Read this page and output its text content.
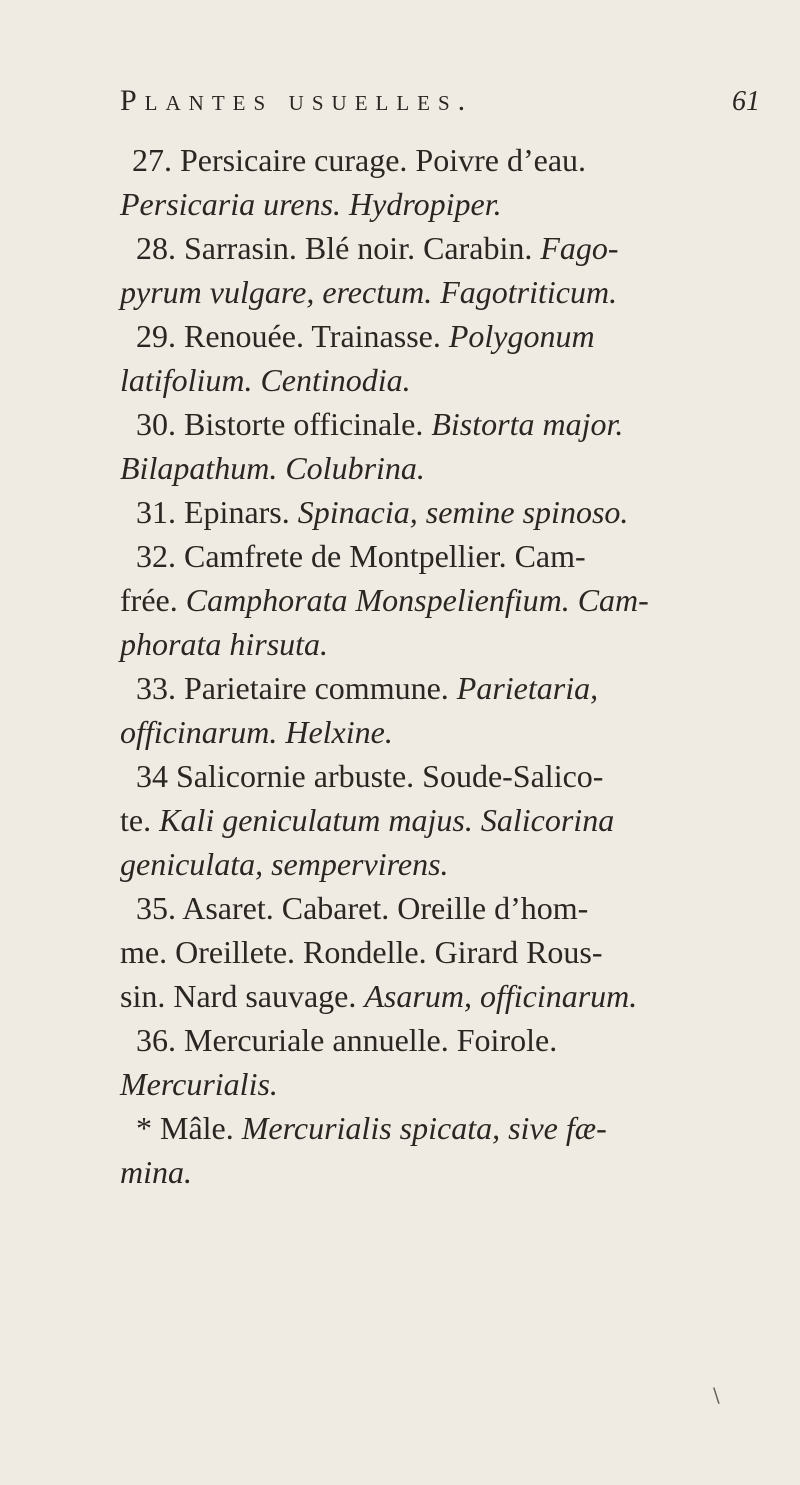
Plantes usuelles.	61
27. Persicaire curage. Poivre d’eau.
Persicaria urens. Hydropiper.
28. Sarrasin. Blé noir. Carabin. Fago-
pyrum vulgare, erectum. Fagotriticum.
29. Renouée. Trainasse. Polygonum
latifolium. Centinodia.
30. Bistorte officinale. Bistorta major.
Bilapathum. Colubrina.
31. Epinars. Spinacia, semine spinoso.
32. Camfrete de Montpellier. Cam-
frée. Camphorata Monspelienfium. Cam-
phorata hirsuta.
33. Parietaire commune. Parietaria,
officinarum. Helxine.
34 Salicornie arbuste. Soude-Salico-
te. Kali geniculatum majus. Salicorina
geniculata, sempervirens.
35. Asaret. Cabaret. Oreille d’hom-
me. Oreillete. Rondelle. Girard Rous-
sin. Nard sauvage. Asarum, officinarum.
36. Mercuriale annuelle. Foirole.
Mercurialis.
* Mâle. Mercurialis spicata, sive fæ-
mina.
\
